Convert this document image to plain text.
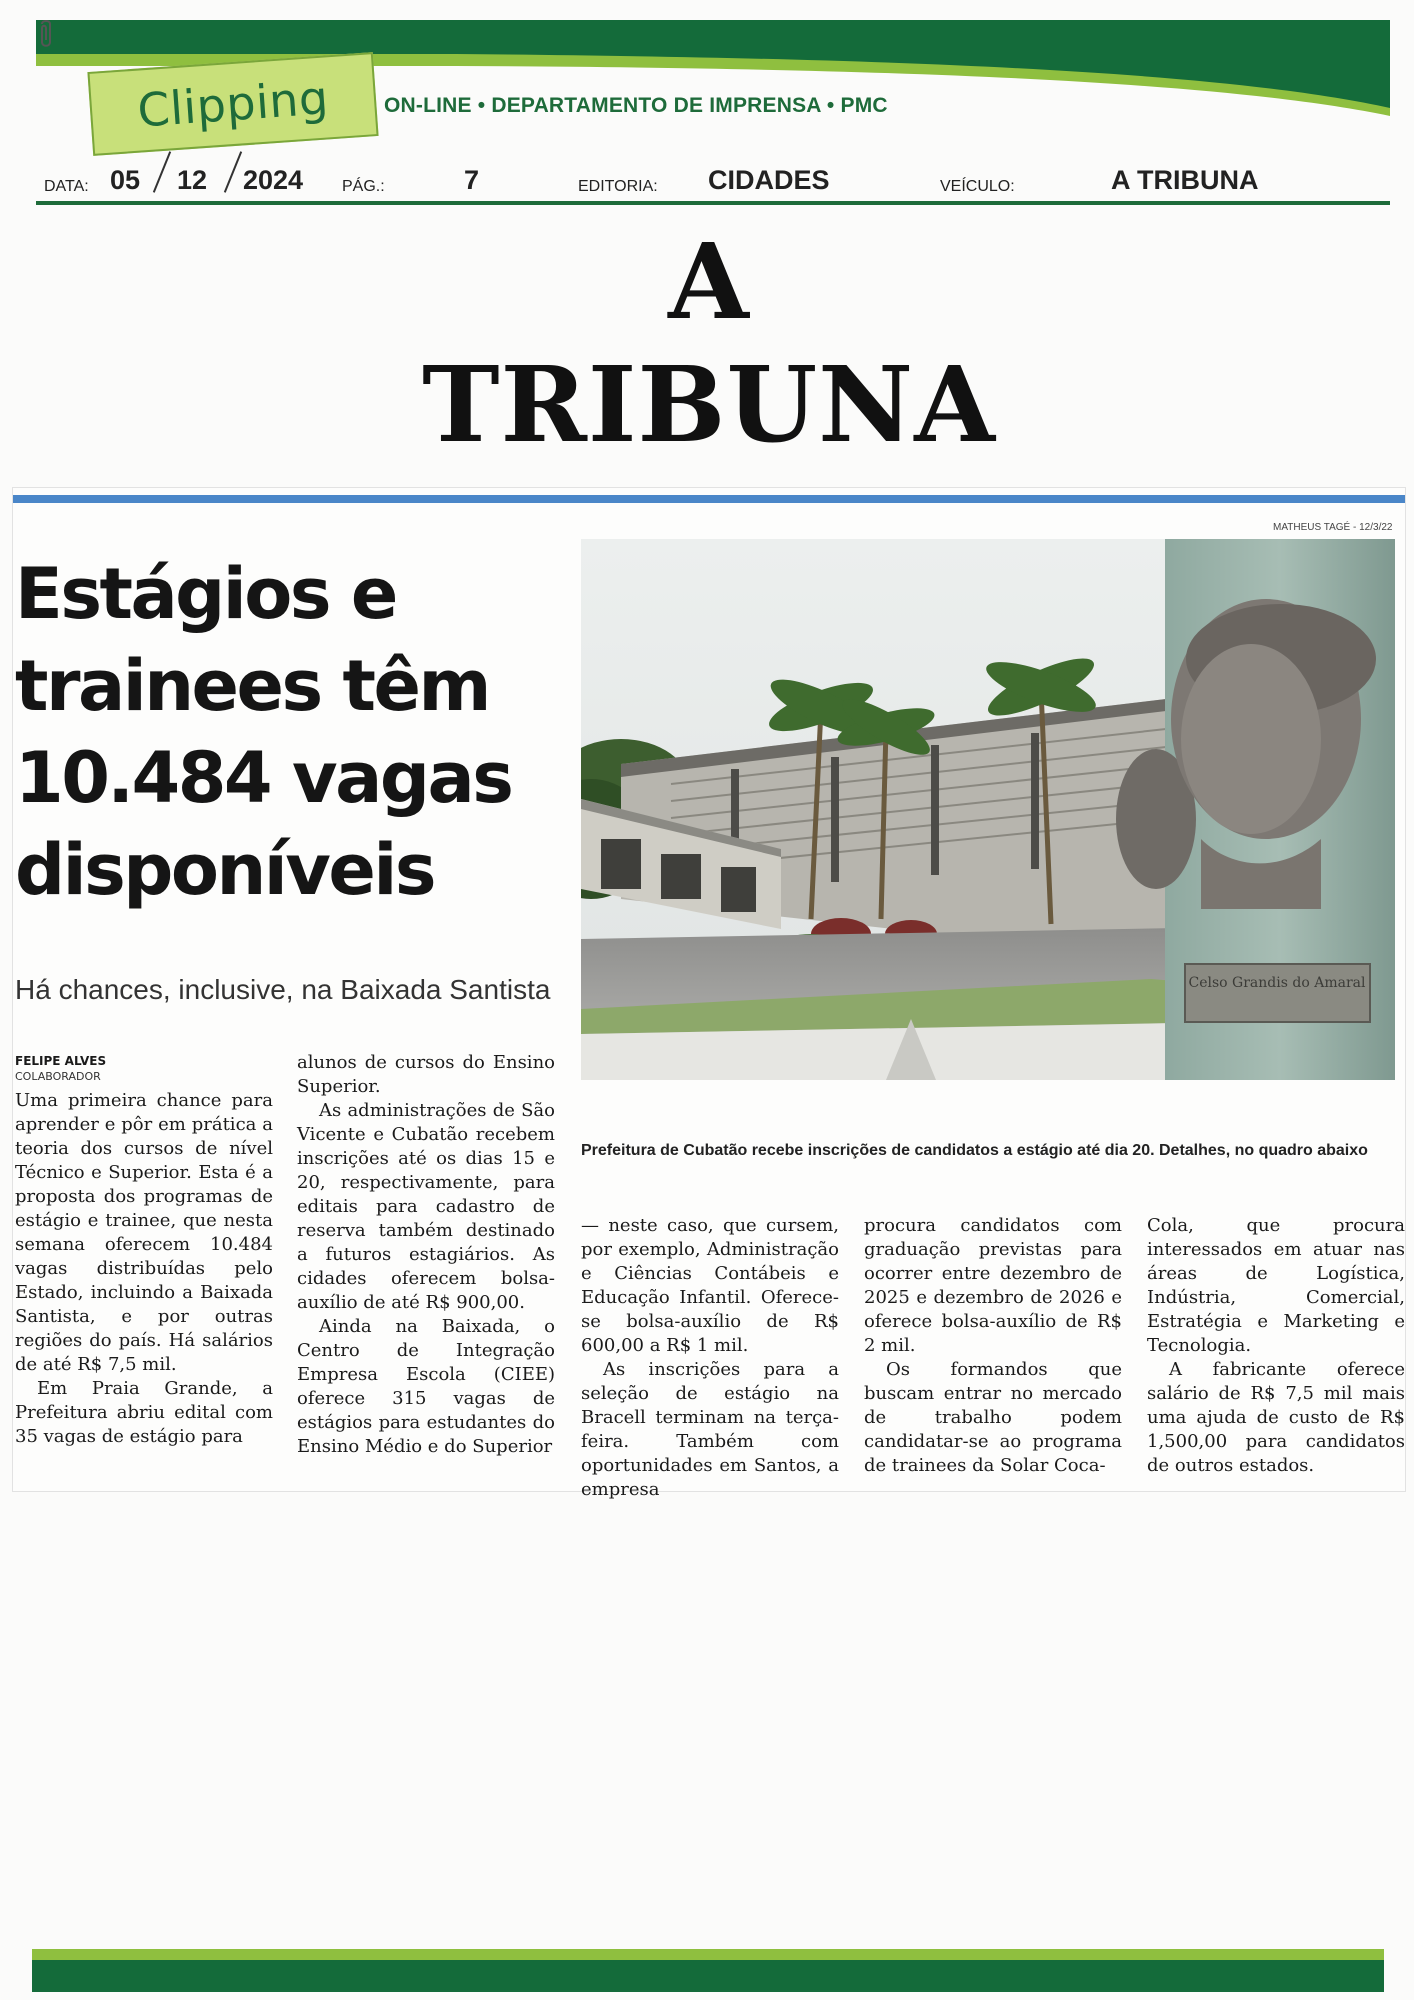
Clipping	ON-LINE • DEPARTAMENTO DE IMPRENSA • PMC
DATA: 05 12 2024 PÁG.:	7	EDITORIA: CIDADES	VEÍCULO:	A TRIBUNA
A TRIBUNA
Estágios e trainees têm 10.484 vagas disponíveis
Há chances, inclusive, na Baixada Santista
MATHEUS TAGÉ - 12/3/22
Celso Grandis do Amaral
Prefeitura de Cubatão recebe inscrições de candidatos a estágio até dia 20. Detalhes, no quadro abaixo
FELIPE ALVES
COLABORADOR

Uma primeira chance para aprender e pôr em prática a teoria dos cursos de nível Técnico e Superior. Esta é a proposta dos programas de estágio e trainee, que nesta semana oferecem 10.484 vagas distribuídas pelo Estado, incluindo a Baixada Santista, e por outras regiões do país. Há salários de até R$ 7,5 mil.

Em Praia Grande, a Prefeitura abriu edital com 35 vagas de estágio para

alunos de cursos do Ensino Superior.

As administrações de São Vicente e Cubatão recebem inscrições até os dias 15 e 20, respectivamente, para editais para cadastro de reserva também destinado a futuros estagiários. As cidades oferecem bolsa-auxílio de até R$ 900,00.

Ainda na Baixada, o Centro de Integração Empresa Escola (CIEE) oferece 315 vagas de estágios para estudantes do Ensino Médio e do Superior

— neste caso, que cursem, por exemplo, Administração e Ciências Contábeis e Educação Infantil. Oferece-se bolsa-auxílio de R$ 600,00 a R$ 1 mil.

As inscrições para a seleção de estágio na Bracell terminam na terça-feira. Também com oportunidades em Santos, a empresa

procura candidatos com graduação previstas para ocorrer entre dezembro de 2025 e dezembro de 2026 e oferece bolsa-auxílio de R$ 2 mil.

Os formandos que buscam entrar no mercado de trabalho podem candidatar-se ao programa de trainees da Solar Coca-

Cola, que procura interessados em atuar nas áreas de Logística, Indústria, Comercial, Estratégia e Marketing e Tecnologia.

A fabricante oferece salário de R$ 7,5 mil mais uma ajuda de custo de R$ 1,500,00 para candidatos de outros estados.
